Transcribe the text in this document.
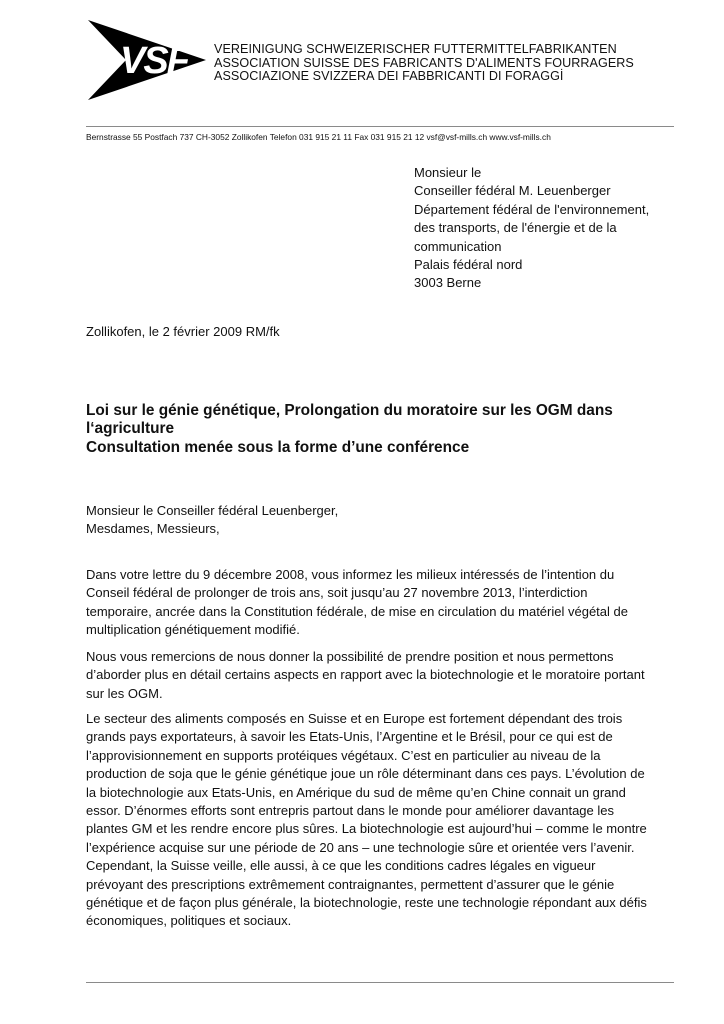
VSF	VEREINIGUNG SCHWEIZERISCHER FUTTERMITTELFABRIKANTEN
ASSOCIATION SUISSE DES FABRICANTS D'ALIMENTS FOURRAGERS
ASSOCIAZIONE SVIZZERA DEI FABBRICANTI DI FORAGGİ
Bernstrasse 55 Postfach 737 CH-3052 Zollikofen Telefon 031 915 21 11 Fax 031 915 21 12 vsf@vsf-mills.ch www.vsf-mills.ch
Monsieur le
Conseiller fédéral M. Leuenberger
Département fédéral de l'environnement,
des transports, de l'énergie et de la
communication
Palais fédéral nord
3003 Berne
Zollikofen, le 2 février 2009 RM/fk
Loi sur le génie génétique, Prolongation du moratoire sur les OGM dans
l‘agriculture
Consultation menée sous la forme d’une conférence
Monsieur le Conseiller fédéral Leuenberger,
Mesdames, Messieurs,
Dans votre lettre du 9 décembre 2008, vous informez les milieux intéressés de l’intention du
Conseil fédéral de prolonger de trois ans, soit jusqu’au 27 novembre 2013, l’interdiction
temporaire, ancrée dans la Constitution fédérale, de mise en circulation du matériel végétal de
multiplication génétiquement modifié.
Nous vous remercions de nous donner la possibilité de prendre position et nous permettons
d’aborder plus en détail certains aspects en rapport avec la biotechnologie et le moratoire portant
sur les OGM.
Le secteur des aliments composés en Suisse et en Europe est fortement dépendant des trois
grands pays exportateurs, à savoir les Etats-Unis, l’Argentine et le Brésil, pour ce qui est de
l’approvisionnement en supports protéiques végétaux. C’est en particulier au niveau de la
production de soja que le génie génétique joue un rôle déterminant dans ces pays. L’évolution de
la biotechnologie aux Etats-Unis, en Amérique du sud de même qu’en Chine connait un grand
essor. D’énormes efforts sont entrepris partout dans le monde pour améliorer davantage les
plantes GM et les rendre encore plus sûres. La biotechnologie est aujourd’hui – comme le montre
l’expérience acquise sur une période de 20 ans – une technologie sûre et orientée vers l’avenir.
Cependant, la Suisse veille, elle aussi, à ce que les conditions cadres légales en vigueur
prévoyant des prescriptions extrêmement contraignantes, permettent d’assurer que le génie
génétique et de façon plus générale, la biotechnologie, reste une technologie répondant aux défis
économiques, politiques et sociaux.
